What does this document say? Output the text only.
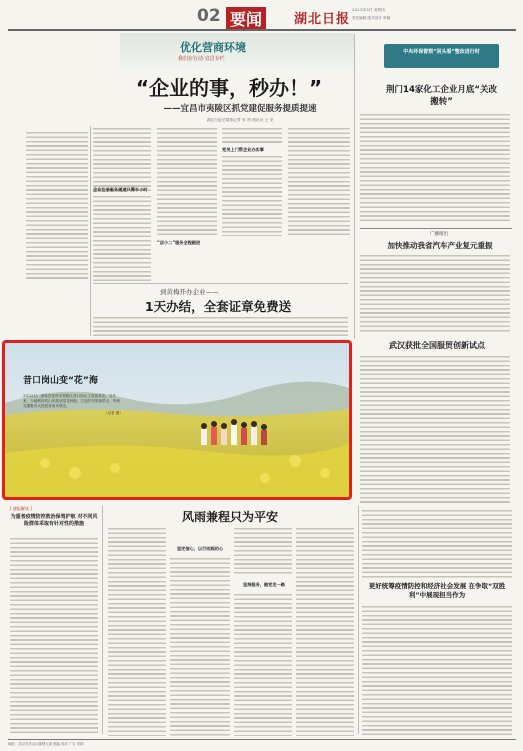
02 要闻	湖北日报
2023年3月 星期五
责任编辑 版式设计 审稿
优化营商环境
我们在行动·宜昌专栏
“企业的事，秒办！”
——宜昌市夷陵区抓党建促服务提质提速
湖北日报全媒体记者 张 茜 通讯员 王 安
企业注册服务提速只需半小时
党员上门帮企业办实事
“店小二”服务全程跟进
到黄梅开办企业——
1天办结，全套证章免费送
中央环保督察“回头看”整改进行时
荆门14家化工企业月底“关改搬转”
广播推出
加快推动我省汽车产业复元重振
昔口岗山变“花”海
3月22日，游客在宜昌市夷陵区昔口岗山上赏油菜花。近年来，当地利用荒山发展油菜花种植，打造乡村旅游景点，每到花期吸引大批游客前来观光。
（记者 摄）
武汉获批全国服贸创新试点
[ 速报解读 ]
为重者疫情防控救治保驾护航 对不同风险群体采取有针对性的措施	风雨兼程只为平安
坚定信心，以行动践初心
坚持服务，跟党走一路	更好统筹疫情防控和经济社会发展 在争取“双胜利”中展现担当作为
地址：武汉市洪山区雄楚大道 邮编 电话 广告 印刷
